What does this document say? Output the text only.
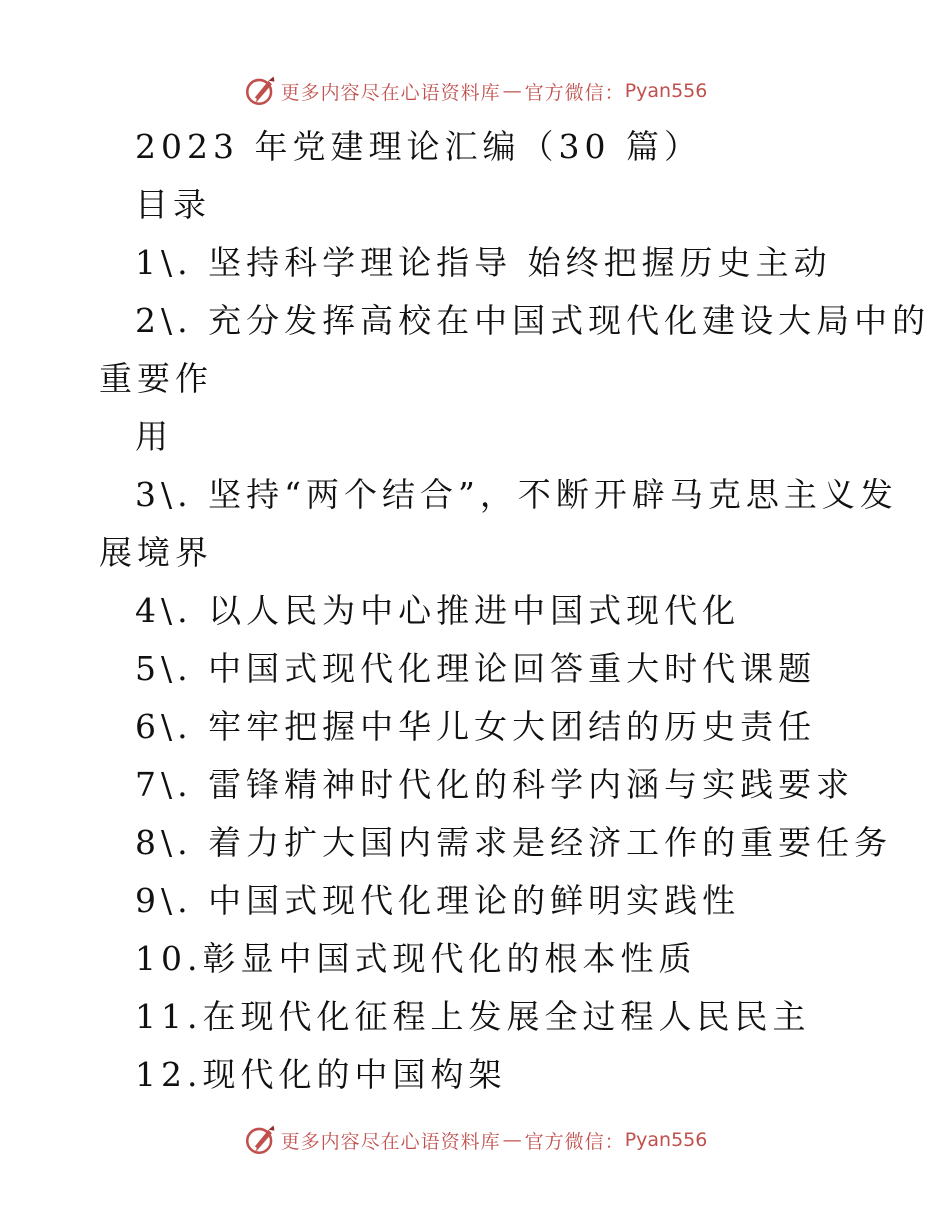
更多内容尽在心语资料库 — 官方微信： Pyan556
2023 年党建理论汇编（30 篇）
目录
1\. 坚持科学理论指导 始终把握历史主动
2\. 充分发挥高校在中国式现代化建设大局中的
重要作
用
3\. 坚持“两个结合”，不断开辟马克思主义发
展境界
4\. 以人民为中心推进中国式现代化
5\. 中国式现代化理论回答重大时代课题
6\. 牢牢把握中华儿女大团结的历史责任
7\. 雷锋精神时代化的科学内涵与实践要求
8\. 着力扩大国内需求是经济工作的重要任务
9\. 中国式现代化理论的鲜明实践性
10.彰显中国式现代化的根本性质
11.在现代化征程上发展全过程人民民主
12.现代化的中国构架
更多内容尽在心语资料库 — 官方微信： Pyan556
